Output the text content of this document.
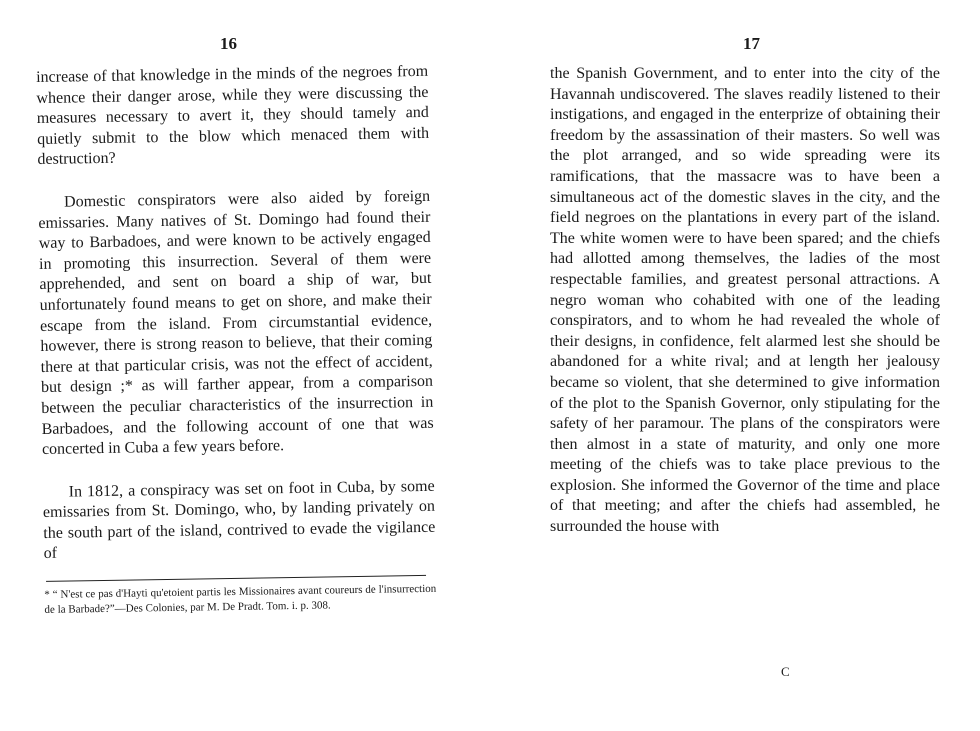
16

increase of that knowledge in the minds of the negroes from whence their danger arose, while they were discussing the measures necessary to avert it, they should tamely and quietly submit to the blow which menaced them with destruction?

Domestic conspirators were also aided by foreign emissaries. Many natives of St. Domingo had found their way to Barbadoes, and were known to be actively engaged in promoting this insurrection. Several of them were apprehended, and sent on board a ship of war, but unfortunately found means to get on shore, and make their escape from the island. From circumstantial evidence, however, there is strong reason to believe, that their coming there at that particular crisis, was not the effect of accident, but design ;* as will farther appear, from a comparison between the peculiar characteristics of the insurrection in Barbadoes, and the following account of one that was concerted in Cuba a few years before.

In 1812, a conspiracy was set on foot in Cuba, by some emissaries from St. Domingo, who, by landing privately on the south part of the island, contrived to evade the vigilance of

* “ N'est ce pas d'Hayti qu'etoient partis les Missionaires avant coureurs de l'insurrection de la Barbade?”—Des Colonies, par M. De Pradt. Tom. i. p. 308.

17

the Spanish Government, and to enter into the city of the Havannah undiscovered. The slaves readily listened to their instigations, and engaged in the enterprize of obtaining their freedom by the assassination of their masters. So well was the plot arranged, and so wide spreading were its ramifications, that the massacre was to have been a simultaneous act of the domestic slaves in the city, and the field negroes on the plantations in every part of the island. The white women were to have been spared; and the chiefs had allotted among themselves, the ladies of the most respectable families, and greatest personal attractions. A negro woman who cohabited with one of the leading conspirators, and to whom he had revealed the whole of their designs, in confidence, felt alarmed lest she should be abandoned for a white rival; and at length her jealousy became so violent, that she determined to give information of the plot to the Spanish Governor, only stipulating for the safety of her paramour. The plans of the conspirators were then almost in a state of maturity, and only one more meeting of the chiefs was to take place previous to the explosion. She informed the Governor of the time and place of that meeting; and after the chiefs had assembled, he surrounded the house with

C
